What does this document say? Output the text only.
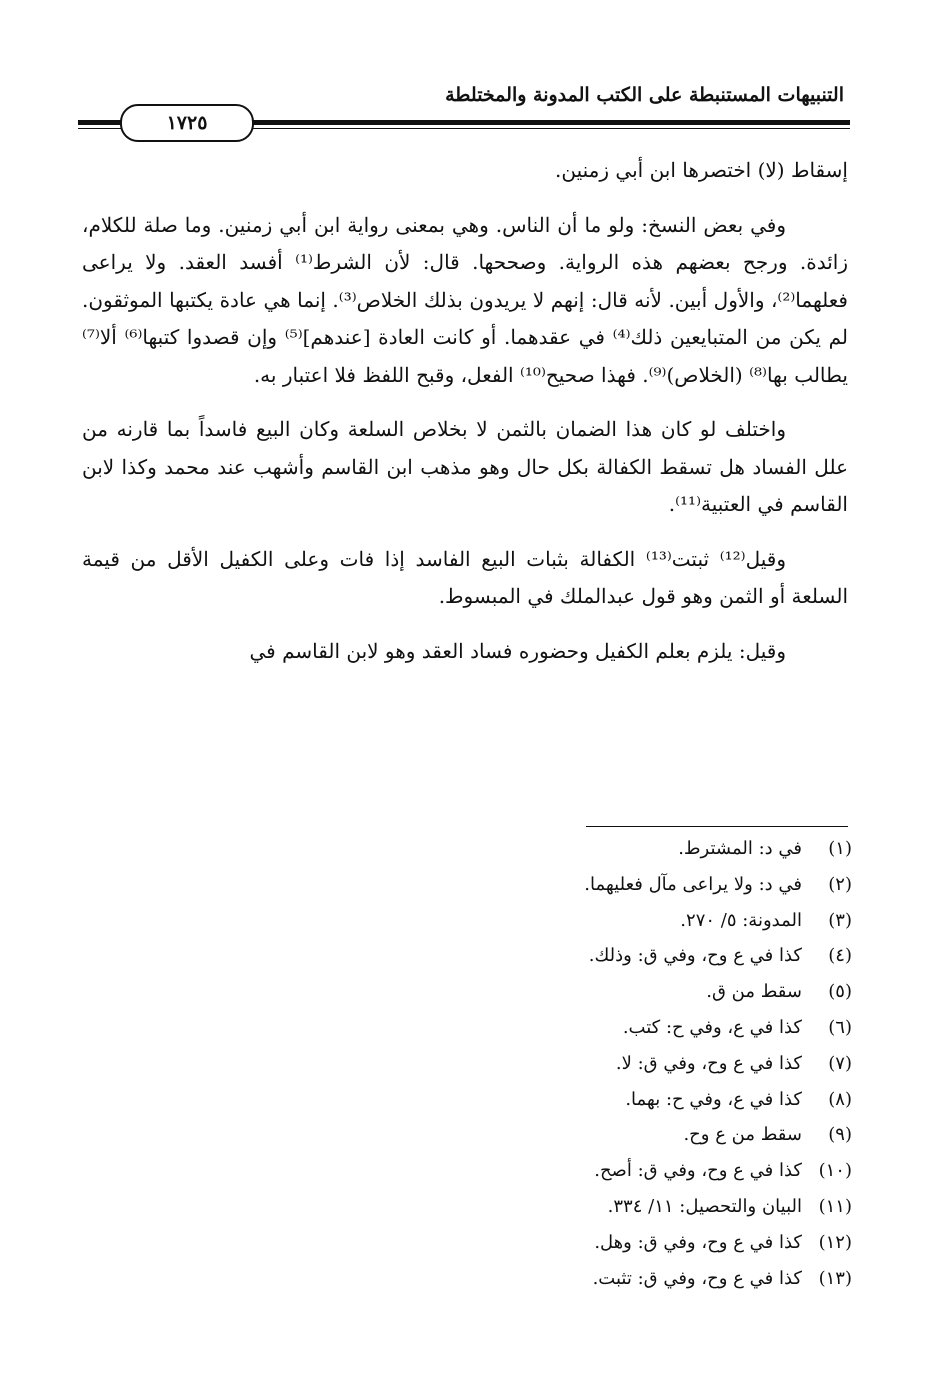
التنبيهات المستنبطة على الكتب المدونة والمختلطة
١٧٢٥

إسقاط (لا) اختصرها ابن أبي زمنين.

وفي بعض النسخ: ولو ما أن الناس. وهي بمعنى رواية ابن أبي زمنين. وما صلة للكلام، زائدة. ورجح بعضهم هذه الرواية. وصححها. قال: لأن الشرط⁽¹⁾ أفسد العقد. ولا يراعى فعلهما⁽²⁾، والأول أبين. لأنه قال: إنهم لا يريدون بذلك الخلاص⁽³⁾. إنما هي عادة يكتبها الموثقون. لم يكن من المتبايعين ذلك⁽⁴⁾ في عقدهما. أو كانت العادة [عندهم]⁽⁵⁾ وإن قصدوا كتبها⁽⁶⁾ ألا⁽⁷⁾ يطالب بها⁽⁸⁾ (الخلاص)⁽⁹⁾. فهذا صحيح⁽¹⁰⁾ الفعل، وقبح اللفظ فلا اعتبار به.

واختلف لو كان هذا الضمان بالثمن لا بخلاص السلعة وكان البيع فاسداً بما قارنه من علل الفساد هل تسقط الكفالة بكل حال وهو مذهب ابن القاسم وأشهب عند محمد وكذا لابن القاسم في العتبية⁽¹¹⁾.

وقيل⁽¹²⁾ ثبتت⁽¹³⁾ الكفالة بثبات البيع الفاسد إذا فات وعلى الكفيل الأقل من قيمة السلعة أو الثمن وهو قول عبدالملك في المبسوط.

وقيل: يلزم بعلم الكفيل وحضوره فساد العقد وهو لابن القاسم في

(١)
في د: المشترط.
(٢)
في د: ولا يراعى مآل فعليهما.
(٣)
المدونة: ٥/ ٢٧٠.
(٤)
كذا في ع وح، وفي ق: وذلك.
(٥)
سقط من ق.
(٦)
كذا في ع، وفي ح: كتب.
(٧)
كذا في ع وح، وفي ق: لا.
(٨)
كذا في ع، وفي ح: بهما.
(٩)
سقط من ع وح.
(١٠)
كذا في ع وح، وفي ق: أصح.
(١١)
البيان والتحصيل: ١١/ ٣٣٤.
(١٢)
كذا في ع وح، وفي ق: وهل.
(١٣)
كذا في ع وح، وفي ق: تثبت.
